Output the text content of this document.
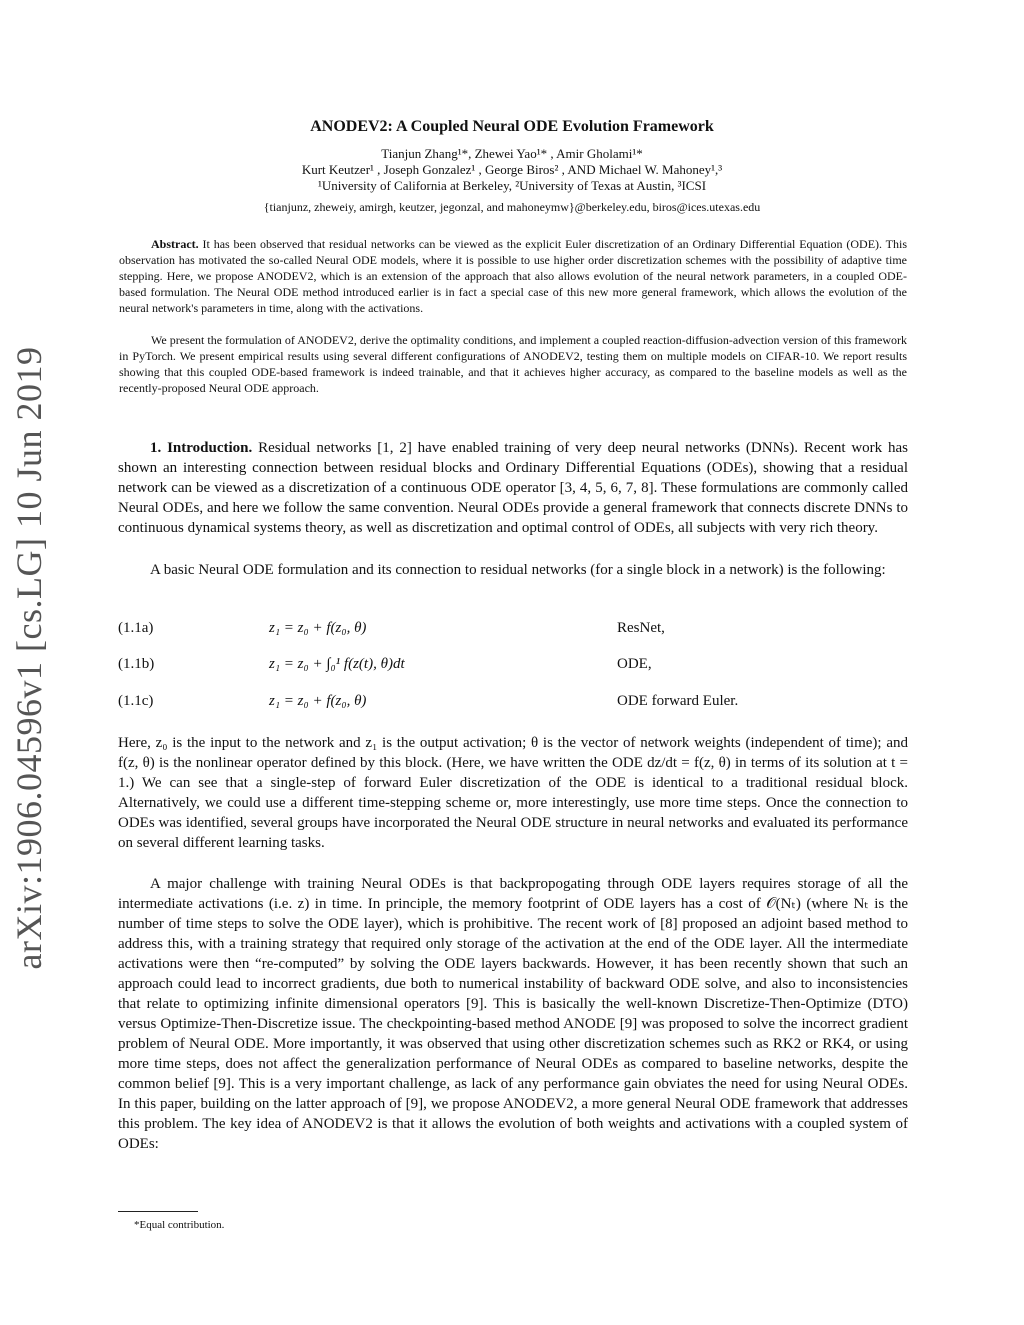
arXiv:1906.04596v1 [cs.LG] 10 Jun 2019
ANODEV2: A Coupled Neural ODE Evolution Framework
Tianjun Zhang¹*, Zhewei Yao¹* , Amir Gholami¹*
Kurt Keutzer¹ , Joseph Gonzalez¹ , George Biros² , AND Michael W. Mahoney¹,³
¹University of California at Berkeley, ²University of Texas at Austin, ³ICSI
{tianjunz, zheweiy, amirgh, keutzer, jegonzal, and mahoneymw}@berkeley.edu, biros@ices.utexas.edu
Abstract. It has been observed that residual networks can be viewed as the explicit Euler discretization of an Ordinary Differential Equation (ODE). This observation has motivated the so-called Neural ODE models, where it is possible to use higher order discretization schemes with the possibility of adaptive time stepping. Here, we propose ANODEV2, which is an extension of the approach that also allows evolution of the neural network parameters, in a coupled ODE-based formulation. The Neural ODE method introduced earlier is in fact a special case of this new more general framework, which allows the evolution of the neural network's parameters in time, along with the activations.
We present the formulation of ANODEV2, derive the optimality conditions, and implement a coupled reaction-diffusion-advection version of this framework in PyTorch. We present empirical results using several different configurations of ANODEV2, testing them on multiple models on CIFAR-10. We report results showing that this coupled ODE-based framework is indeed trainable, and that it achieves higher accuracy, as compared to the baseline models as well as the recently-proposed Neural ODE approach.
1. Introduction. Residual networks [1, 2] have enabled training of very deep neural networks (DNNs). Recent work has shown an interesting connection between residual blocks and Ordinary Differential Equations (ODEs), showing that a residual network can be viewed as a discretization of a continuous ODE operator [3, 4, 5, 6, 7, 8]. These formulations are commonly called Neural ODEs, and here we follow the same convention. Neural ODEs provide a general framework that connects discrete DNNs to continuous dynamical systems theory, as well as discretization and optimal control of ODEs, all subjects with very rich theory.
A basic Neural ODE formulation and its connection to residual networks (for a single block in a network) is the following:
(1.1a)	z₁ = z₀ + f(z₀, θ)	ResNet,
(1.1b)	z₁ = z₀ + ∫₀¹ f(z(t), θ)dt	ODE,
(1.1c)	z₁ = z₀ + f(z₀, θ)	ODE forward Euler.
Here, z₀ is the input to the network and z₁ is the output activation; θ is the vector of network weights (independent of time); and f(z, θ) is the nonlinear operator defined by this block. (Here, we have written the ODE dz/dt = f(z, θ) in terms of its solution at t = 1.) We can see that a single-step of forward Euler discretization of the ODE is identical to a traditional residual block. Alternatively, we could use a different time-stepping scheme or, more interestingly, use more time steps. Once the connection to ODEs was identified, several groups have incorporated the Neural ODE structure in neural networks and evaluated its performance on several different learning tasks.
A major challenge with training Neural ODEs is that backpropogating through ODE layers requires storage of all the intermediate activations (i.e. z) in time. In principle, the memory footprint of ODE layers has a cost of 𝒪(Nₜ) (where Nₜ is the number of time steps to solve the ODE layer), which is prohibitive. The recent work of [8] proposed an adjoint based method to address this, with a training strategy that required only storage of the activation at the end of the ODE layer. All the intermediate activations were then “re-computed” by solving the ODE layers backwards. However, it has been recently shown that such an approach could lead to incorrect gradients, due both to numerical instability of backward ODE solve, and also to inconsistencies that relate to optimizing infinite dimensional operators [9]. This is basically the well-known Discretize-Then-Optimize (DTO) versus Optimize-Then-Discretize issue. The checkpointing-based method ANODE [9] was proposed to solve the incorrect gradient problem of Neural ODE. More importantly, it was observed that using other discretization schemes such as RK2 or RK4, or using more time steps, does not affect the generalization performance of Neural ODEs as compared to baseline networks, despite the common belief [9]. This is a very important challenge, as lack of any performance gain obviates the need for using Neural ODEs. In this paper, building on the latter approach of [9], we propose ANODEV2, a more general Neural ODE framework that addresses this problem. The key idea of ANODEV2 is that it allows the evolution of both weights and activations with a coupled system of ODEs:
*Equal contribution.
